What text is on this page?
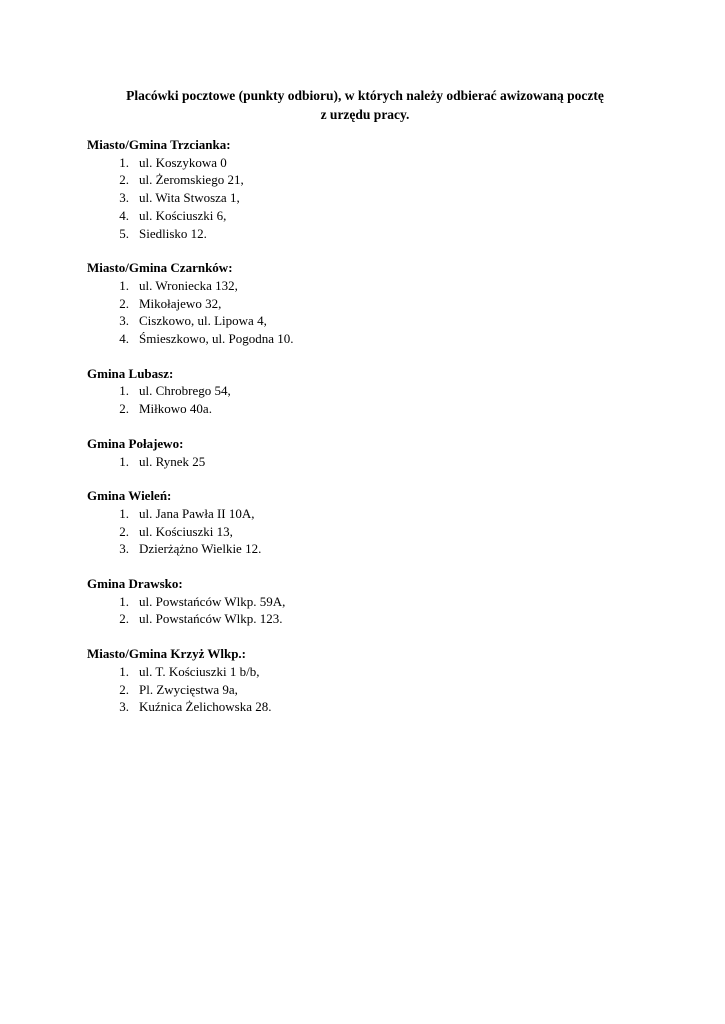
Placówki pocztowe (punkty odbioru), w których należy odbierać awizowaną pocztę
z urzędu pracy.
Miasto/Gmina Trzcianka:
1. ul. Koszykowa 0
2. ul. Żeromskiego 21,
3. ul. Wita Stwosza 1,
4. ul. Kościuszki 6,
5. Siedlisko 12.
Miasto/Gmina Czarnków:
1. ul. Wroniecka 132,
2. Mikołajewo 32,
3. Ciszkowo, ul. Lipowa 4,
4. Śmieszkowo, ul. Pogodna 10.
Gmina Lubasz:
1. ul. Chrobrego 54,
2. Miłkowo 40a.
Gmina Połajewo:
1. ul. Rynek 25
Gmina Wieleń:
1. ul. Jana Pawła II 10A,
2. ul. Kościuszki 13,
3. Dzierżążno Wielkie 12.
Gmina Drawsko:
1. ul. Powstańców Wlkp. 59A,
2. ul. Powstańców Wlkp. 123.
Miasto/Gmina Krzyż Wlkp.:
1. ul. T. Kościuszki 1 b/b,
2. Pl. Zwycięstwa 9a,
3. Kuźnica Żelichowska 28.
